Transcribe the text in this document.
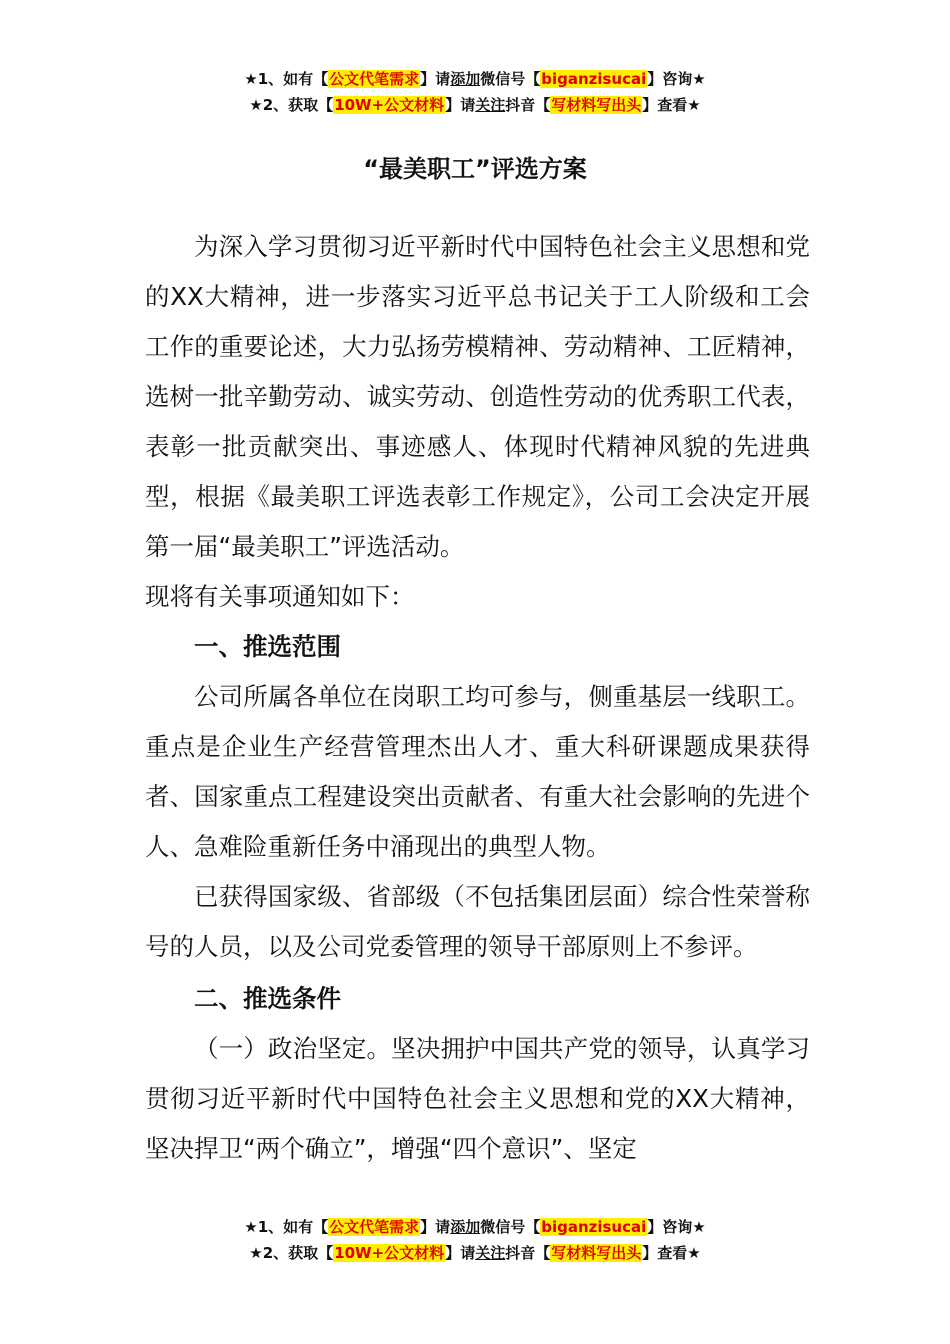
★1、如有【公文代笔需求】请添加微信号【biganzisucai】咨询★
★2、获取【10W+公文材料】请关注抖音【写材料写出头】查看★
“最美职工”评选方案

为深入学习贯彻习近平新时代中国特色社会主义思想和党的XX大精神，进一步落实习近平总书记关于工人阶级和工会工作的重要论述，大力弘扬劳模精神、劳动精神、工匠精神，选树一批辛勤劳动、诚实劳动、创造性劳动的优秀职工代表，表彰一批贡献突出、事迹感人、体现时代精神风貌的先进典型，根据《最美职工评选表彰工作规定》，公司工会决定开展第一届“最美职工”评选活动。

现将有关事项通知如下：

一、推选范围

公司所属各单位在岗职工均可参与，侧重基层一线职工。重点是企业生产经营管理杰出人才、重大科研课题成果获得者、国家重点工程建设突出贡献者、有重大社会影响的先进个人、急难险重新任务中涌现出的典型人物。

已获得国家级、省部级（不包括集团层面）综合性荣誉称号的人员，以及公司党委管理的领导干部原则上不参评。

二、推选条件

（一）政治坚定。坚决拥护中国共产党的领导，认真学习贯彻习近平新时代中国特色社会主义思想和党的XX大精神，坚决捍卫“两个确立”，增强“四个意识”、坚定

★1、如有【公文代笔需求】请添加微信号【biganzisucai】咨询★
★2、获取【10W+公文材料】请关注抖音【写材料写出头】查看★
